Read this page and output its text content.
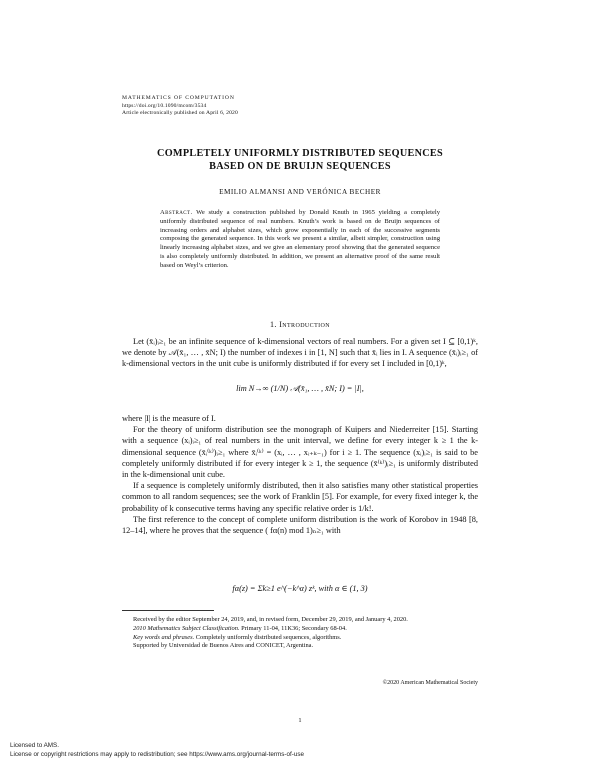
MATHEMATICS OF COMPUTATION
https://doi.org/10.1090/mcom/3534
Article electronically published on April 6, 2020
COMPLETELY UNIFORMLY DISTRIBUTED SEQUENCES
BASED ON DE BRUIJN SEQUENCES
EMILIO ALMANSI AND VERÓNICA BECHER
Abstract. We study a construction published by Donald Knuth in 1965 yielding a completely uniformly distributed sequence of real numbers. Knuth’s work is based on de Bruijn sequences of increasing orders and alphabet sizes, which grow exponentially in each of the successive segments composing the generated sequence. In this work we present a similar, albeit simpler, construction using linearly increasing alphabet sizes, and we give an elementary proof showing that the generated sequence is also completely uniformly distributed. In addition, we present an alternative proof of the same result based on Weyl’s criterion.
1. Introduction

Let (x̄ᵢ)ᵢ≥₁ be an infinite sequence of k-dimensional vectors of real numbers. For a given set I ⊆ [0,1)ᵏ, we denote by 𝒜(x̄₁, … , x̄N; I) the number of indexes i in [1, N] such that x̄ᵢ lies in I. A sequence (x̄ᵢ)ᵢ≥₁ of k-dimensional vectors in the unit cube is uniformly distributed if for every set I included in [0,1)ᵏ,

lim N→∞ (1/N) 𝒜(x̄₁, … , x̄N; I) = |I|,

where |I| is the measure of I.

For the theory of uniform distribution see the monograph of Kuipers and Niederreiter [15]. Starting with a sequence (xᵢ)ᵢ≥₁ of real numbers in the unit interval, we define for every integer k ≥ 1 the k-dimensional sequence (x̄ᵢ⁽ᵏ⁾)ᵢ≥₁ where x̄ᵢ⁽ᵏ⁾ = (xᵢ, … , xᵢ₊ₖ₋₁) for i ≥ 1. The sequence (xᵢ)ᵢ≥₁ is said to be completely uniformly distributed if for every integer k ≥ 1, the sequence (x̄⁽ᵏ⁾)ᵢ≥₁ is uniformly distributed in the k-dimensional unit cube.

If a sequence is completely uniformly distributed, then it also satisfies many other statistical properties common to all random sequences; see the work of Franklin [5]. For example, for every fixed integer k, the probability of k consecutive terms having any specific relative order is 1/k!.

The first reference to the concept of complete uniform distribution is the work of Korobov in 1948 [8, 12–14], where he proves that the sequence ( fα(n) mod 1)ₙ≥₁ with

fα(z) = Σk≥1 e^(−k^α) zᵏ, with α ∈ (1, 3)

Received by the editor September 24, 2019, and, in revised form, December 29, 2019, and January 4, 2020.

2010 Mathematics Subject Classification. Primary 11-04, 11K36; Secondary 68-04.

Key words and phrases. Completely uniformly distributed sequences, algorithms.

Supported by Universidad de Buenos Aires and CONICET, Argentina.

©2020 American Mathematical Society
1
Licensed to AMS.
License or copyright restrictions may apply to redistribution; see https://www.ams.org/journal-terms-of-use
